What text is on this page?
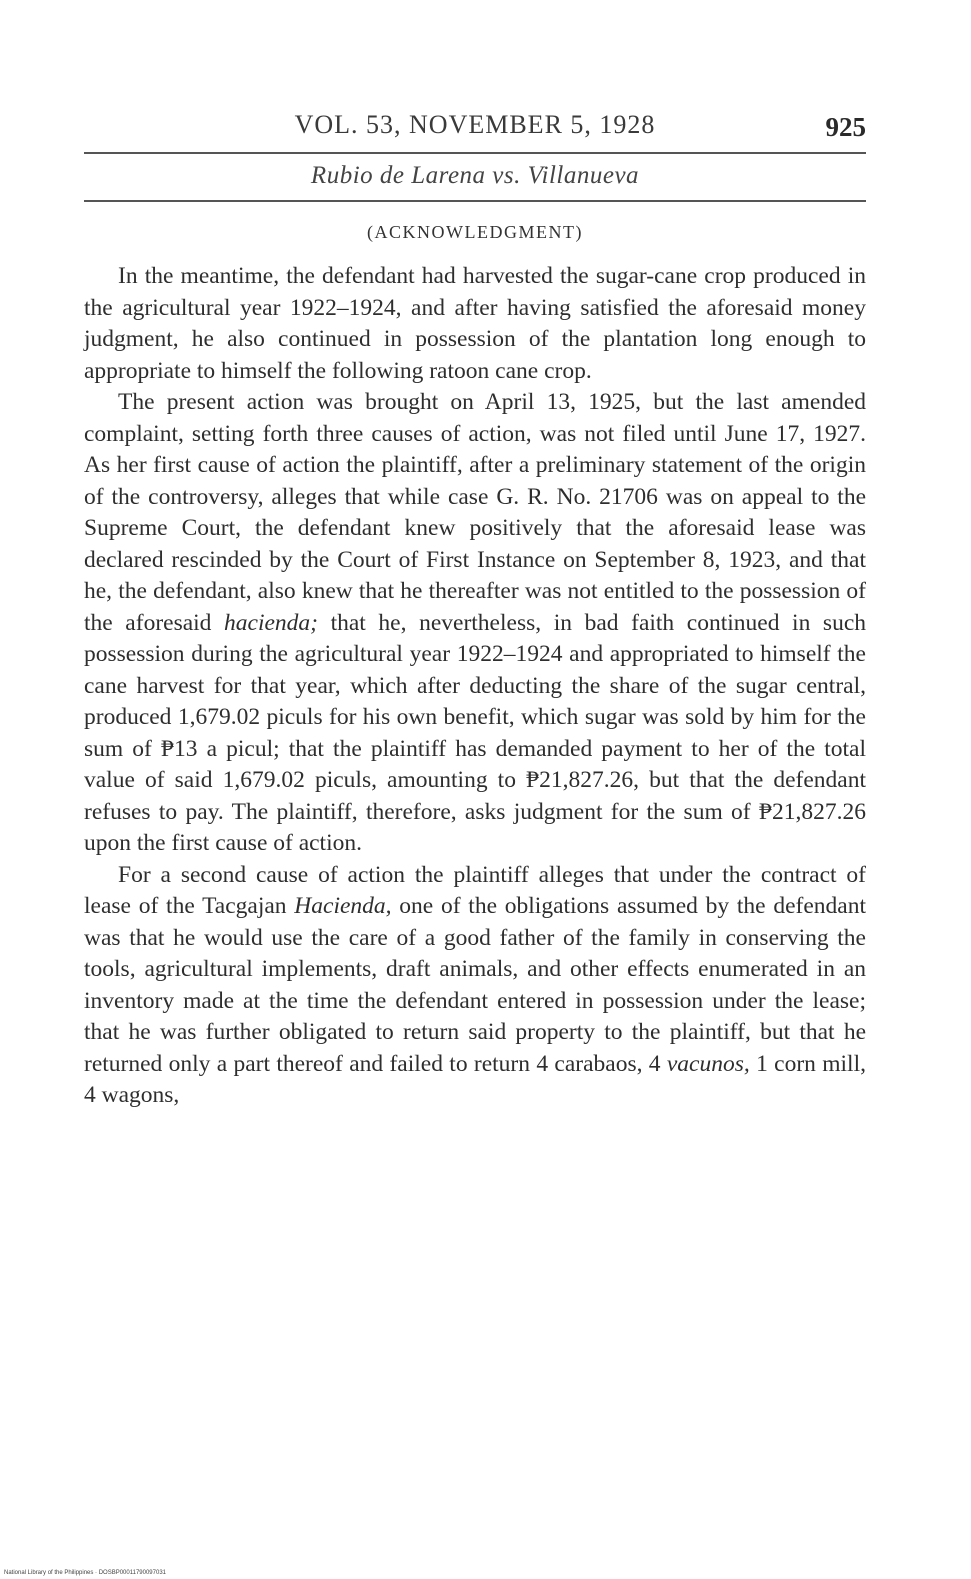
VOL. 53, NOVEMBER 5, 1928	925
Rubio de Larena vs. Villanueva
(ACKNOWLEDGMENT)

In the meantime, the defendant had harvested the sugar-cane crop produced in the agricultural year 1922–1924, and after having satisfied the aforesaid money judgment, he also continued in possession of the plantation long enough to appropriate to himself the following ratoon cane crop.

The present action was brought on April 13, 1925, but the last amended complaint, setting forth three causes of action, was not filed until June 17, 1927. As her first cause of action the plaintiff, after a preliminary statement of the origin of the controversy, alleges that while case G. R. No. 21706 was on appeal to the Supreme Court, the defendant knew positively that the aforesaid lease was declared rescinded by the Court of First Instance on September 8, 1923, and that he, the defendant, also knew that he thereafter was not entitled to the possession of the aforesaid hacienda; that he, nevertheless, in bad faith continued in such possession during the agricultural year 1922–1924 and appropriated to himself the cane harvest for that year, which after deducting the share of the sugar central, produced 1,679.02 piculs for his own benefit, which sugar was sold by him for the sum of ₱13 a picul; that the plaintiff has demanded payment to her of the total value of said 1,679.02 piculs, amounting to ₱21,827.26, but that the defendant refuses to pay. The plaintiff, therefore, asks judgment for the sum of ₱21,827.26 upon the first cause of action.

For a second cause of action the plaintiff alleges that under the contract of lease of the Tacgajan Hacienda, one of the obligations assumed by the defendant was that he would use the care of a good father of the family in conserving the tools, agricultural implements, draft animals, and other effects enumerated in an inventory made at the time the defendant entered in possession under the lease; that he was further obligated to return said property to the plaintiff, but that he returned only a part thereof and failed to return 4 carabaos, 4 vacunos, 1 corn mill, 4 wagons,

National Library of the Philippines · DOSBP00011790097031
